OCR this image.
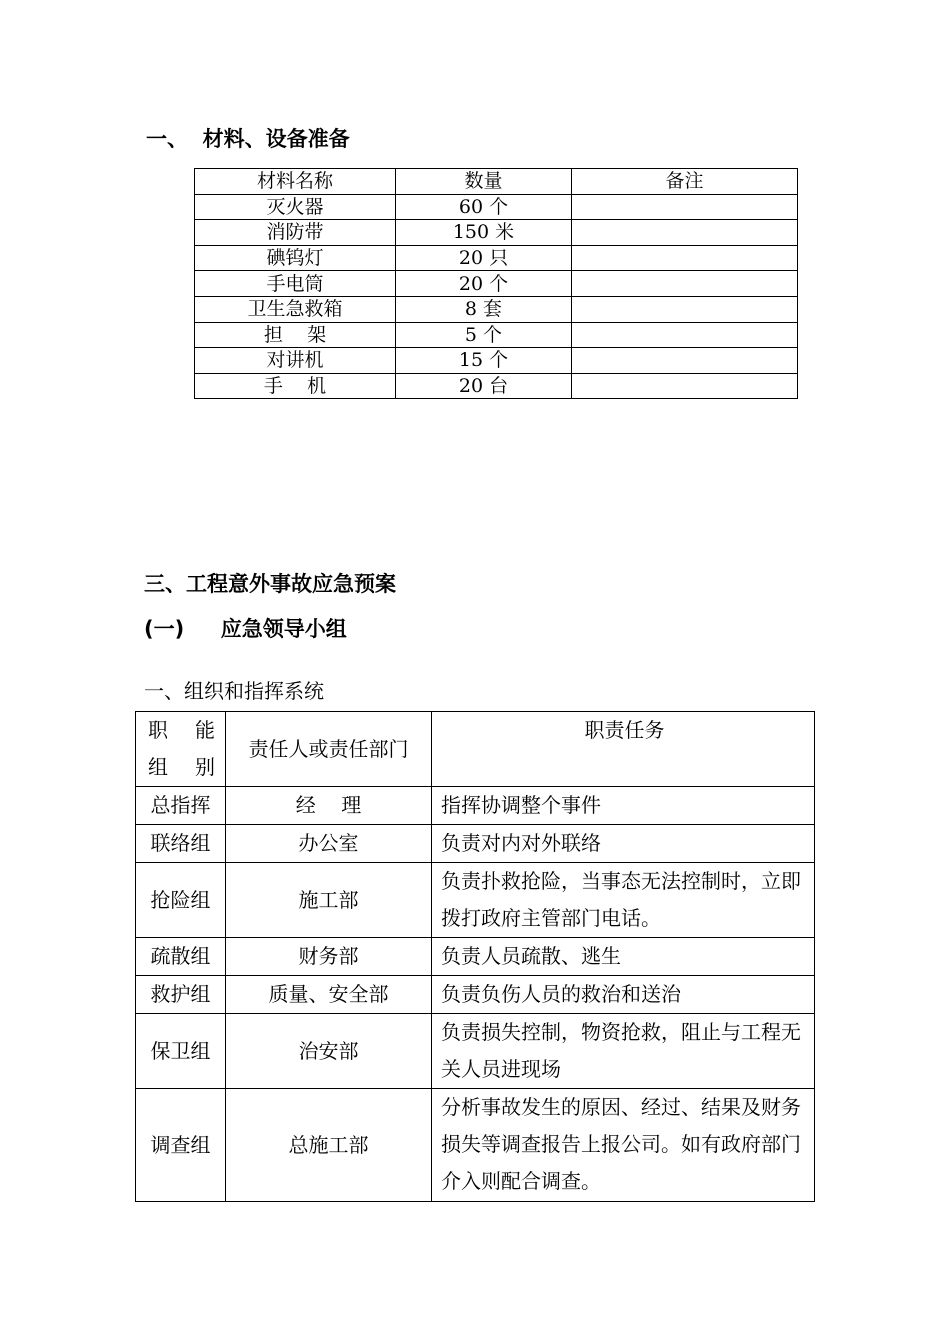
一、  材料、设备准备
材料名称	数量	备注
灭火器	60 个	
消防带	150 米	
碘钨灯	20 只	
手电筒	20 个	
卫生急救箱	8 套	
担    架	5 个	
对讲机	15 个	
手    机	20 台	
三、工程意外事故应急预案
(一)     应急领导小组
一、组织和指挥系统
职 能
组 别	责任人或责任部门	职责任务
总指挥	经    理	指挥协调整个事件
联络组	办公室	负责对内对外联络
抢险组	施工部	负责扑救抢险，当事态无法控制时，立即拨打政府主管部门电话。
疏散组	财务部	负责人员疏散、逃生
救护组	质量、安全部	负责负伤人员的救治和送治
保卫组	治安部	负责损失控制，物资抢救，阻止与工程无关人员进现场
调查组	总施工部	分析事故发生的原因、经过、结果及财务损失等调查报告上报公司。如有政府部门介入则配合调查。
